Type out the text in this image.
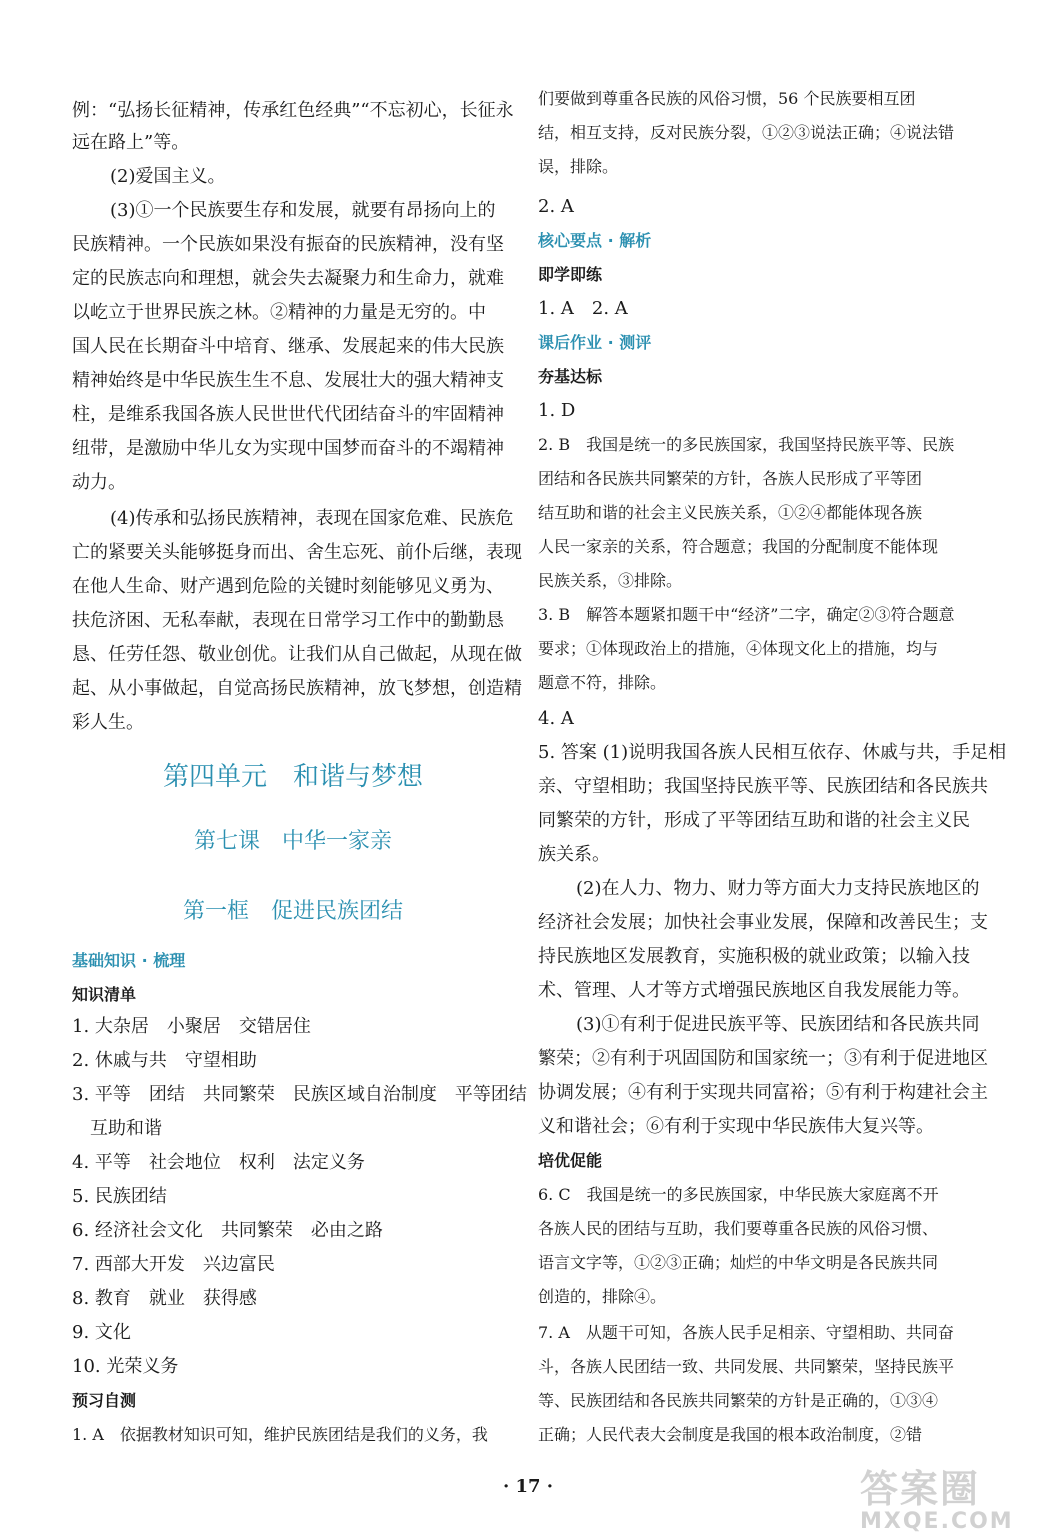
例：“弘扬长征精神，传承红色经典”“不忘初心，长征永
远在路上”等。
(2)爱国主义。
(3)①一个民族要生存和发展，就要有昂扬向上的
民族精神。一个民族如果没有振奋的民族精神，没有坚
定的民族志向和理想，就会失去凝聚力和生命力，就难
以屹立于世界民族之林。②精神的力量是无穷的。中
国人民在长期奋斗中培育、继承、发展起来的伟大民族
精神始终是中华民族生生不息、发展壮大的强大精神支
柱，是维系我国各族人民世世代代团结奋斗的牢固精神
纽带，是激励中华儿女为实现中国梦而奋斗的不竭精神
动力。
(4)传承和弘扬民族精神，表现在国家危难、民族危
亡的紧要关头能够挺身而出、舍生忘死、前仆后继，表现
在他人生命、财产遇到危险的关键时刻能够见义勇为、
扶危济困、无私奉献，表现在日常学习工作中的勤勤恳
恳、任劳任怨、敬业创优。让我们从自己做起，从现在做
起、从小事做起，自觉高扬民族精神，放飞梦想，创造精
彩人生。
第四单元　和谐与梦想
第七课　中华一家亲
第一框　促进民族团结
基础知识 · 梳理
知识清单
1. 大杂居　小聚居　交错居住
2. 休戚与共　守望相助
3. 平等　团结　共同繁荣　民族区域自治制度　平等团结
互助和谐
4. 平等　社会地位　权利　法定义务
5. 民族团结
6. 经济社会文化　共同繁荣　必由之路
7. 西部大开发　兴边富民
8. 教育　就业　获得感
9. 文化
10. 光荣义务
预习自测
1. A　依据教材知识可知，维护民族团结是我们的义务，我
们要做到尊重各民族的风俗习惯，56 个民族要相互团
结，相互支持，反对民族分裂，①②③说法正确；④说法错
误，排除。
2. A
核心要点 · 解析
即学即练
1. A　2. A
课后作业 · 测评
夯基达标
1. D
2. B　我国是统一的多民族国家，我国坚持民族平等、民族
团结和各民族共同繁荣的方针，各族人民形成了平等团
结互助和谐的社会主义民族关系，①②④都能体现各族
人民一家亲的关系，符合题意；我国的分配制度不能体现
民族关系，③排除。
3. B　解答本题紧扣题干中“经济”二字，确定②③符合题意
要求；①体现政治上的措施，④体现文化上的措施，均与
题意不符，排除。
4. A
5. 答案 (1)说明我国各族人民相互依存、休戚与共，手足相
亲、守望相助；我国坚持民族平等、民族团结和各民族共
同繁荣的方针，形成了平等团结互助和谐的社会主义民
族关系。
(2)在人力、物力、财力等方面大力支持民族地区的
经济社会发展；加快社会事业发展，保障和改善民生；支
持民族地区发展教育，实施积极的就业政策；以输入技
术、管理、人才等方式增强民族地区自我发展能力等。
(3)①有利于促进民族平等、民族团结和各民族共同
繁荣；②有利于巩固国防和国家统一；③有利于促进地区
协调发展；④有利于实现共同富裕；⑤有利于构建社会主
义和谐社会；⑥有利于实现中华民族伟大复兴等。
培优促能
6. C　我国是统一的多民族国家，中华民族大家庭离不开
各族人民的团结与互助，我们要尊重各民族的风俗习惯、
语言文字等，①②③正确；灿烂的中华文明是各民族共同
创造的，排除④。
7. A　从题干可知，各族人民手足相亲、守望相助、共同奋
斗，各族人民团结一致、共同发展、共同繁荣，坚持民族平
等、民族团结和各民族共同繁荣的方针是正确的，①③④
正确；人民代表大会制度是我国的根本政治制度，②错
· 17 ·	答案圈
MXQE.COM
